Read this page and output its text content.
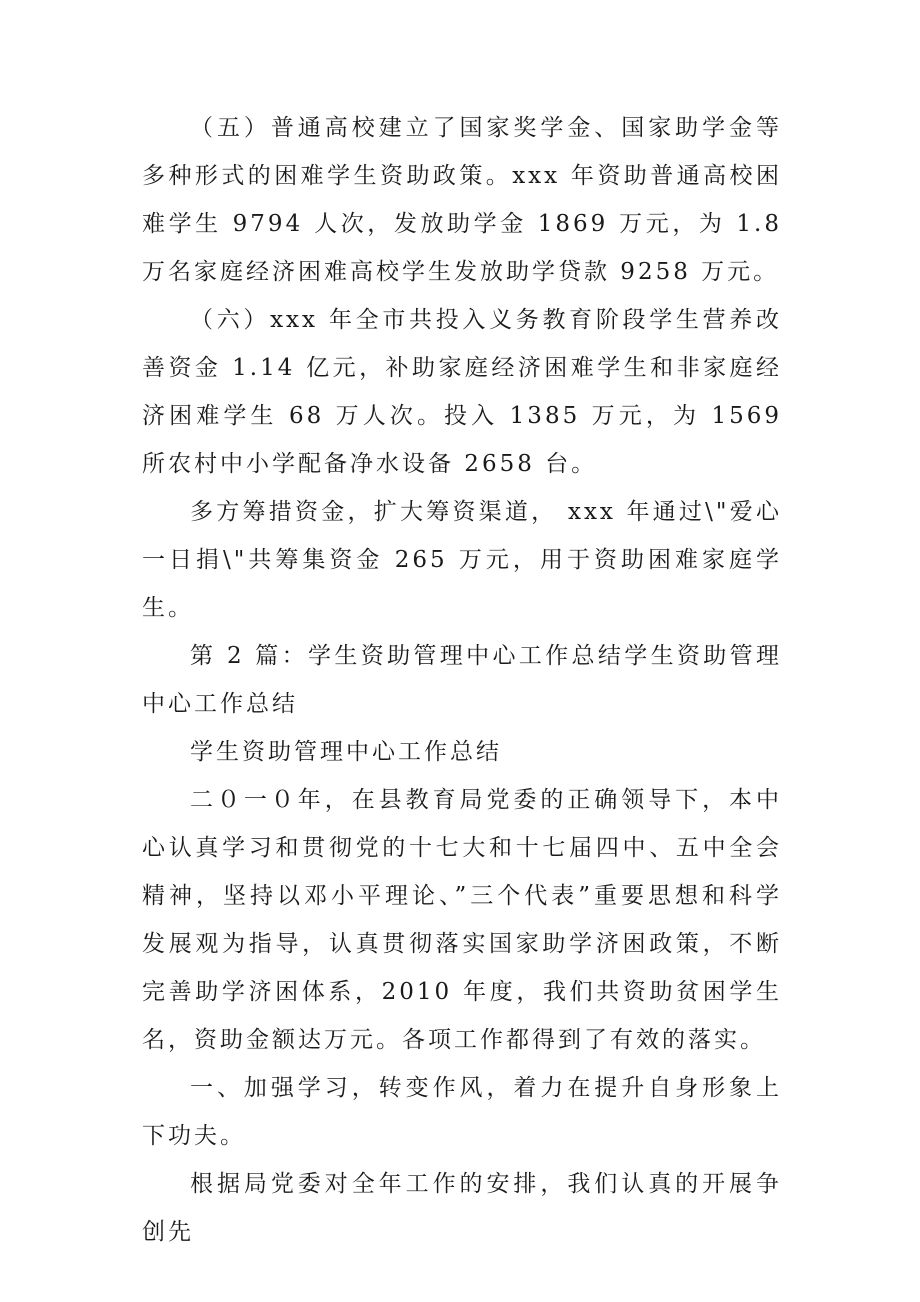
（五）普通高校建立了国家奖学金、国家助学金等多种形式的困难学生资助政策。xxx 年资助普通高校困难学生 9794 人次，发放助学金 1869 万元，为 1.8 万名家庭经济困难高校学生发放助学贷款 9258 万元。

（六）xxx 年全市共投入义务教育阶段学生营养改善资金 1.14 亿元，补助家庭经济困难学生和非家庭经济困难学生 68 万人次。投入 1385 万元，为 1569 所农村中小学配备净水设备 2658 台。

多方筹措资金，扩大筹资渠道， xxx 年通过\"爱心一日捐\"共筹集资金 265 万元，用于资助困难家庭学生。

第 2 篇：学生资助管理中心工作总结学生资助管理中心工作总结

学生资助管理中心工作总结

二０一０年，在县教育局党委的正确领导下，本中心认真学习和贯彻党的十七大和十七届四中、五中全会精神，坚持以邓小平理论、”三个代表”重要思想和科学发展观为指导，认真贯彻落实国家助学济困政策，不断完善助学济困体系，2010 年度，我们共资助贫困学生名，资助金额达万元。各项工作都得到了有效的落实。

一、加强学习，转变作风，着力在提升自身形象上下功夫。

根据局党委对全年工作的安排，我们认真的开展争创先
